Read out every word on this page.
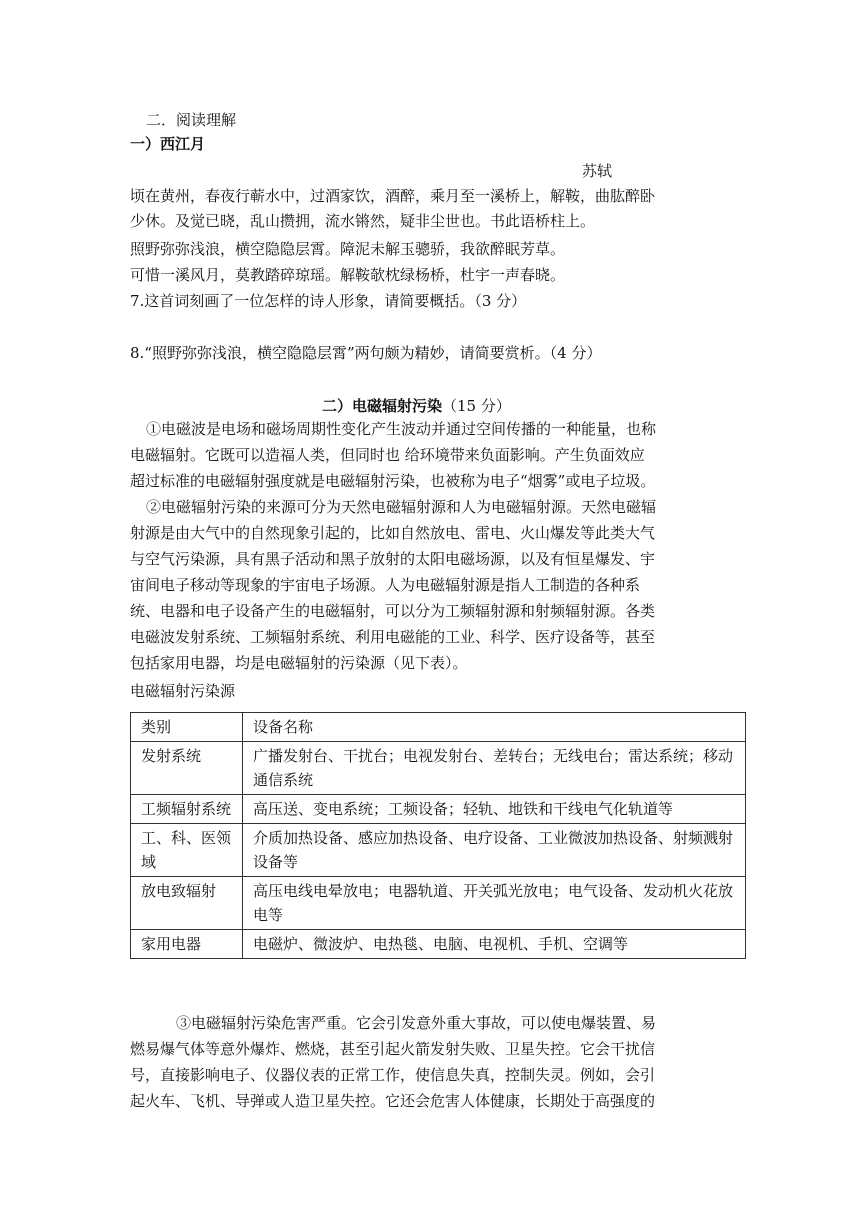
二．阅读理解
一）西江月
苏轼
顷在黄州，春夜行蕲水中，过酒家饮，酒醉，乘月至一溪桥上，解鞍，曲肱醉卧
少休。及觉已晓，乱山攒拥，流水锵然，疑非尘世也。书此语桥柱上。
照野弥弥浅浪，横空隐隐层霄。障泥未解玉骢骄，我欲醉眠芳草。
可惜一溪风月，莫教踏碎琼瑶。解鞍欹枕绿杨桥，杜宇一声春晓。
7.这首词刻画了一位怎样的诗人形象，请简要概括。（3 分）
8.“照野弥弥浅浪，横空隐隐层霄”两句颇为精妙，请简要赏析。（4 分）
二）电磁辐射污染（15 分）
①电磁波是电场和磁场周期性变化产生波动并通过空间传播的一种能量，也称
电磁辐射。它既可以造福人类，但同时也 给环境带来负面影响。产生负面效应
超过标准的电磁辐射强度就是电磁辐射污染，也被称为电子“烟雾”或电子垃圾。
②电磁辐射污染的来源可分为天然电磁辐射源和人为电磁辐射源。天然电磁辐
射源是由大气中的自然现象引起的，比如自然放电、雷电、火山爆发等此类大气
与空气污染源，具有黑子活动和黑子放射的太阳电磁场源，以及有恒星爆发、宇
宙间电子移动等现象的宇宙电子场源。人为电磁辐射源是指人工制造的各种系
统、电器和电子设备产生的电磁辐射，可以分为工频辐射源和射频辐射源。各类
电磁波发射系统、工频辐射系统、利用电磁能的工业、科学、医疗设备等，甚至
包括家用电器，均是电磁辐射的污染源（见下表）。
电磁辐射污染源
类别	设备名称
发射系统	广播发射台、干扰台；电视发射台、差转台；无线电台；雷达系统；移动通信系统
工频辐射系统	高压送、变电系统；工频设备；轻轨、地铁和干线电气化轨道等
工、科、医领域	介质加热设备、感应加热设备、电疗设备、工业微波加热设备、射频溅射设备等
放电致辐射	高压电线电晕放电；电器轨道、开关弧光放电；电气设备、发动机火花放电等
家用电器	电磁炉、微波炉、电热毯、电脑、电视机、手机、空调等
③电磁辐射污染危害严重。它会引发意外重大事故，可以使电爆装置、易
燃易爆气体等意外爆炸、燃烧，甚至引起火箭发射失败、卫星失控。它会干扰信
号，直接影响电子、仪器仪表的正常工作，使信息失真，控制失灵。例如，会引
起火车、飞机、导弹或人造卫星失控。它还会危害人体健康，长期处于高强度的
